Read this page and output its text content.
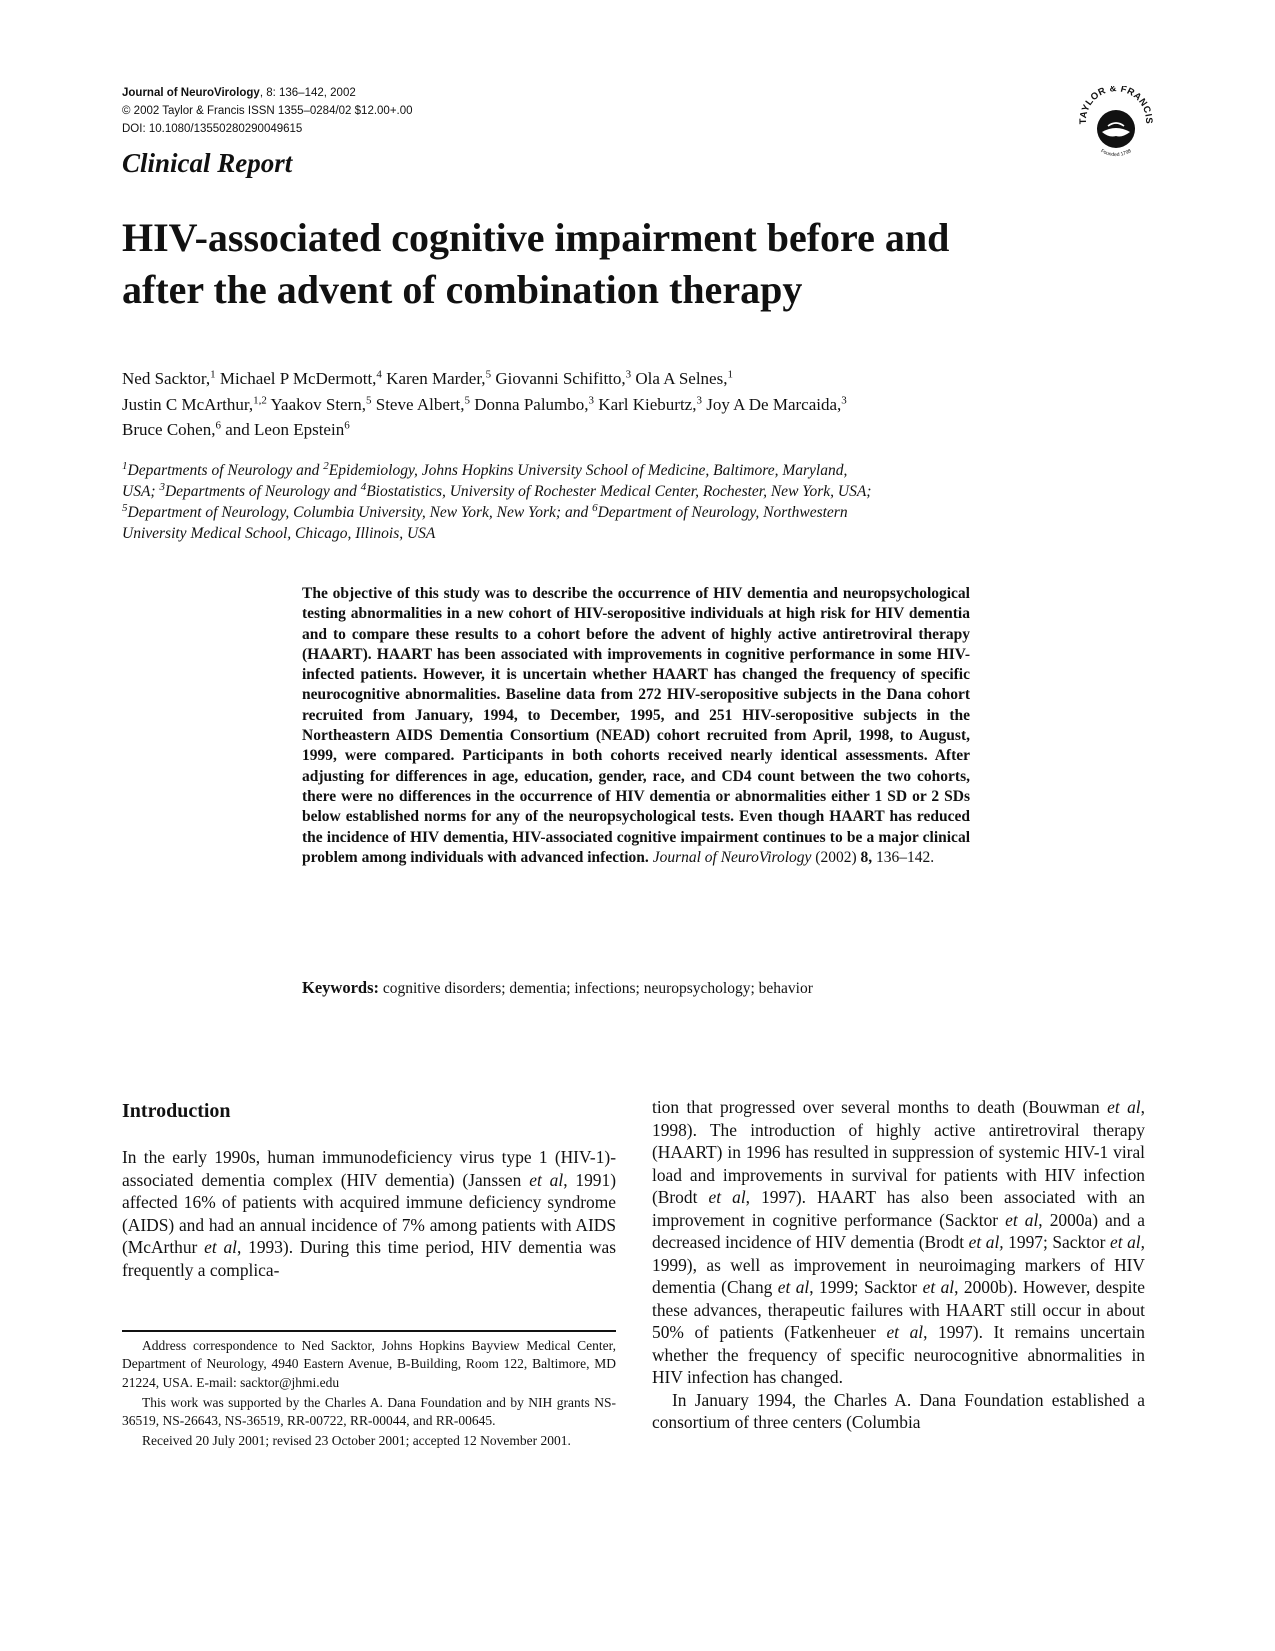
Journal of NeuroVirology, 8: 136–142, 2002
© 2002 Taylor & Francis ISSN 1355–0284/02 $12.00+.00
DOI: 10.1080/13550280290049615
TAYLOR & FRANCIS
Founded 1798
Clinical Report
HIV-associated cognitive impairment before and
after the advent of combination therapy
Ned Sacktor,$^1$ Michael P McDermott,$^4$ Karen Marder,$^5$ Giovanni Schifitto,$^3$ Ola A Selnes,$^1$
Justin C McArthur,$^{1,2}$ Yaakov Stern,$^5$ Steve Albert,$^5$ Donna Palumbo,$^3$ Karl Kieburtz,$^3$ Joy A De Marcaida,$^3$
Bruce Cohen,$^6$ and Leon Epstein$^6$
$^1$Departments of Neurology and $^2$Epidemiology, Johns Hopkins University School of Medicine, Baltimore, Maryland,
USA; $^3$Departments of Neurology and $^4$Biostatistics, University of Rochester Medical Center, Rochester, New York, USA;
$^5$Department of Neurology, Columbia University, New York, New York; and $^6$Department of Neurology, Northwestern
University Medical School, Chicago, Illinois, USA
The objective of this study was to describe the occurrence of HIV dementia and neuropsychological testing abnormalities in a new cohort of HIV-seropositive individuals at high risk for HIV dementia and to compare these results to a cohort before the advent of highly active antiretroviral therapy (HAART). HAART has been associated with improvements in cognitive performance in some HIV-infected patients. However, it is uncertain whether HAART has changed the frequency of specific neurocognitive abnormalities. Baseline data from 272 HIV-seropositive subjects in the Dana cohort recruited from January, 1994, to December, 1995, and 251 HIV-seropositive subjects in the Northeastern AIDS Dementia Consortium (NEAD) cohort recruited from April, 1998, to August, 1999, were compared. Participants in both cohorts received nearly identical assessments. After adjusting for differences in age, education, gender, race, and CD4 count between the two cohorts, there were no differences in the occurrence of HIV dementia or abnormalities either 1 SD or 2 SDs below established norms for any of the neuropsychological tests. Even though HAART has reduced the incidence of HIV dementia, HIV-associated cognitive impairment continues to be a major clinical problem among individuals with advanced infection. Journal of NeuroVirology (2002) 8, 136–142.
Keywords: cognitive disorders; dementia; infections; neuropsychology; behavior
Introduction

In the early 1990s, human immunodeficiency virus type 1 (HIV-1)-associated dementia complex (HIV dementia) (Janssen et al, 1991) affected 16% of patients with acquired immune deficiency syndrome (AIDS) and had an annual incidence of 7% among patients with AIDS (McArthur et al, 1993). During this time period, HIV dementia was frequently a complica-

Address correspondence to Ned Sacktor, Johns Hopkins Bayview Medical Center, Department of Neurology, 4940 Eastern Avenue, B-Building, Room 122, Baltimore, MD 21224, USA. E-mail: sacktor@jhmi.edu

This work was supported by the Charles A. Dana Foundation and by NIH grants NS-36519, NS-26643, NS-36519, RR-00722, RR-00044, and RR-00645.

Received 20 July 2001; revised 23 October 2001; accepted 12 November 2001.

tion that progressed over several months to death (Bouwman et al, 1998). The introduction of highly active antiretroviral therapy (HAART) in 1996 has resulted in suppression of systemic HIV-1 viral load and improvements in survival for patients with HIV infection (Brodt et al, 1997). HAART has also been associated with an improvement in cognitive performance (Sacktor et al, 2000a) and a decreased incidence of HIV dementia (Brodt et al, 1997; Sacktor et al, 1999), as well as improvement in neuroimaging markers of HIV dementia (Chang et al, 1999; Sacktor et al, 2000b). However, despite these advances, therapeutic failures with HAART still occur in about 50% of patients (Fatkenheuer et al, 1997). It remains uncertain whether the frequency of specific neurocognitive abnormalities in HIV infection has changed.

In January 1994, the Charles A. Dana Foundation established a consortium of three centers (Columbia
